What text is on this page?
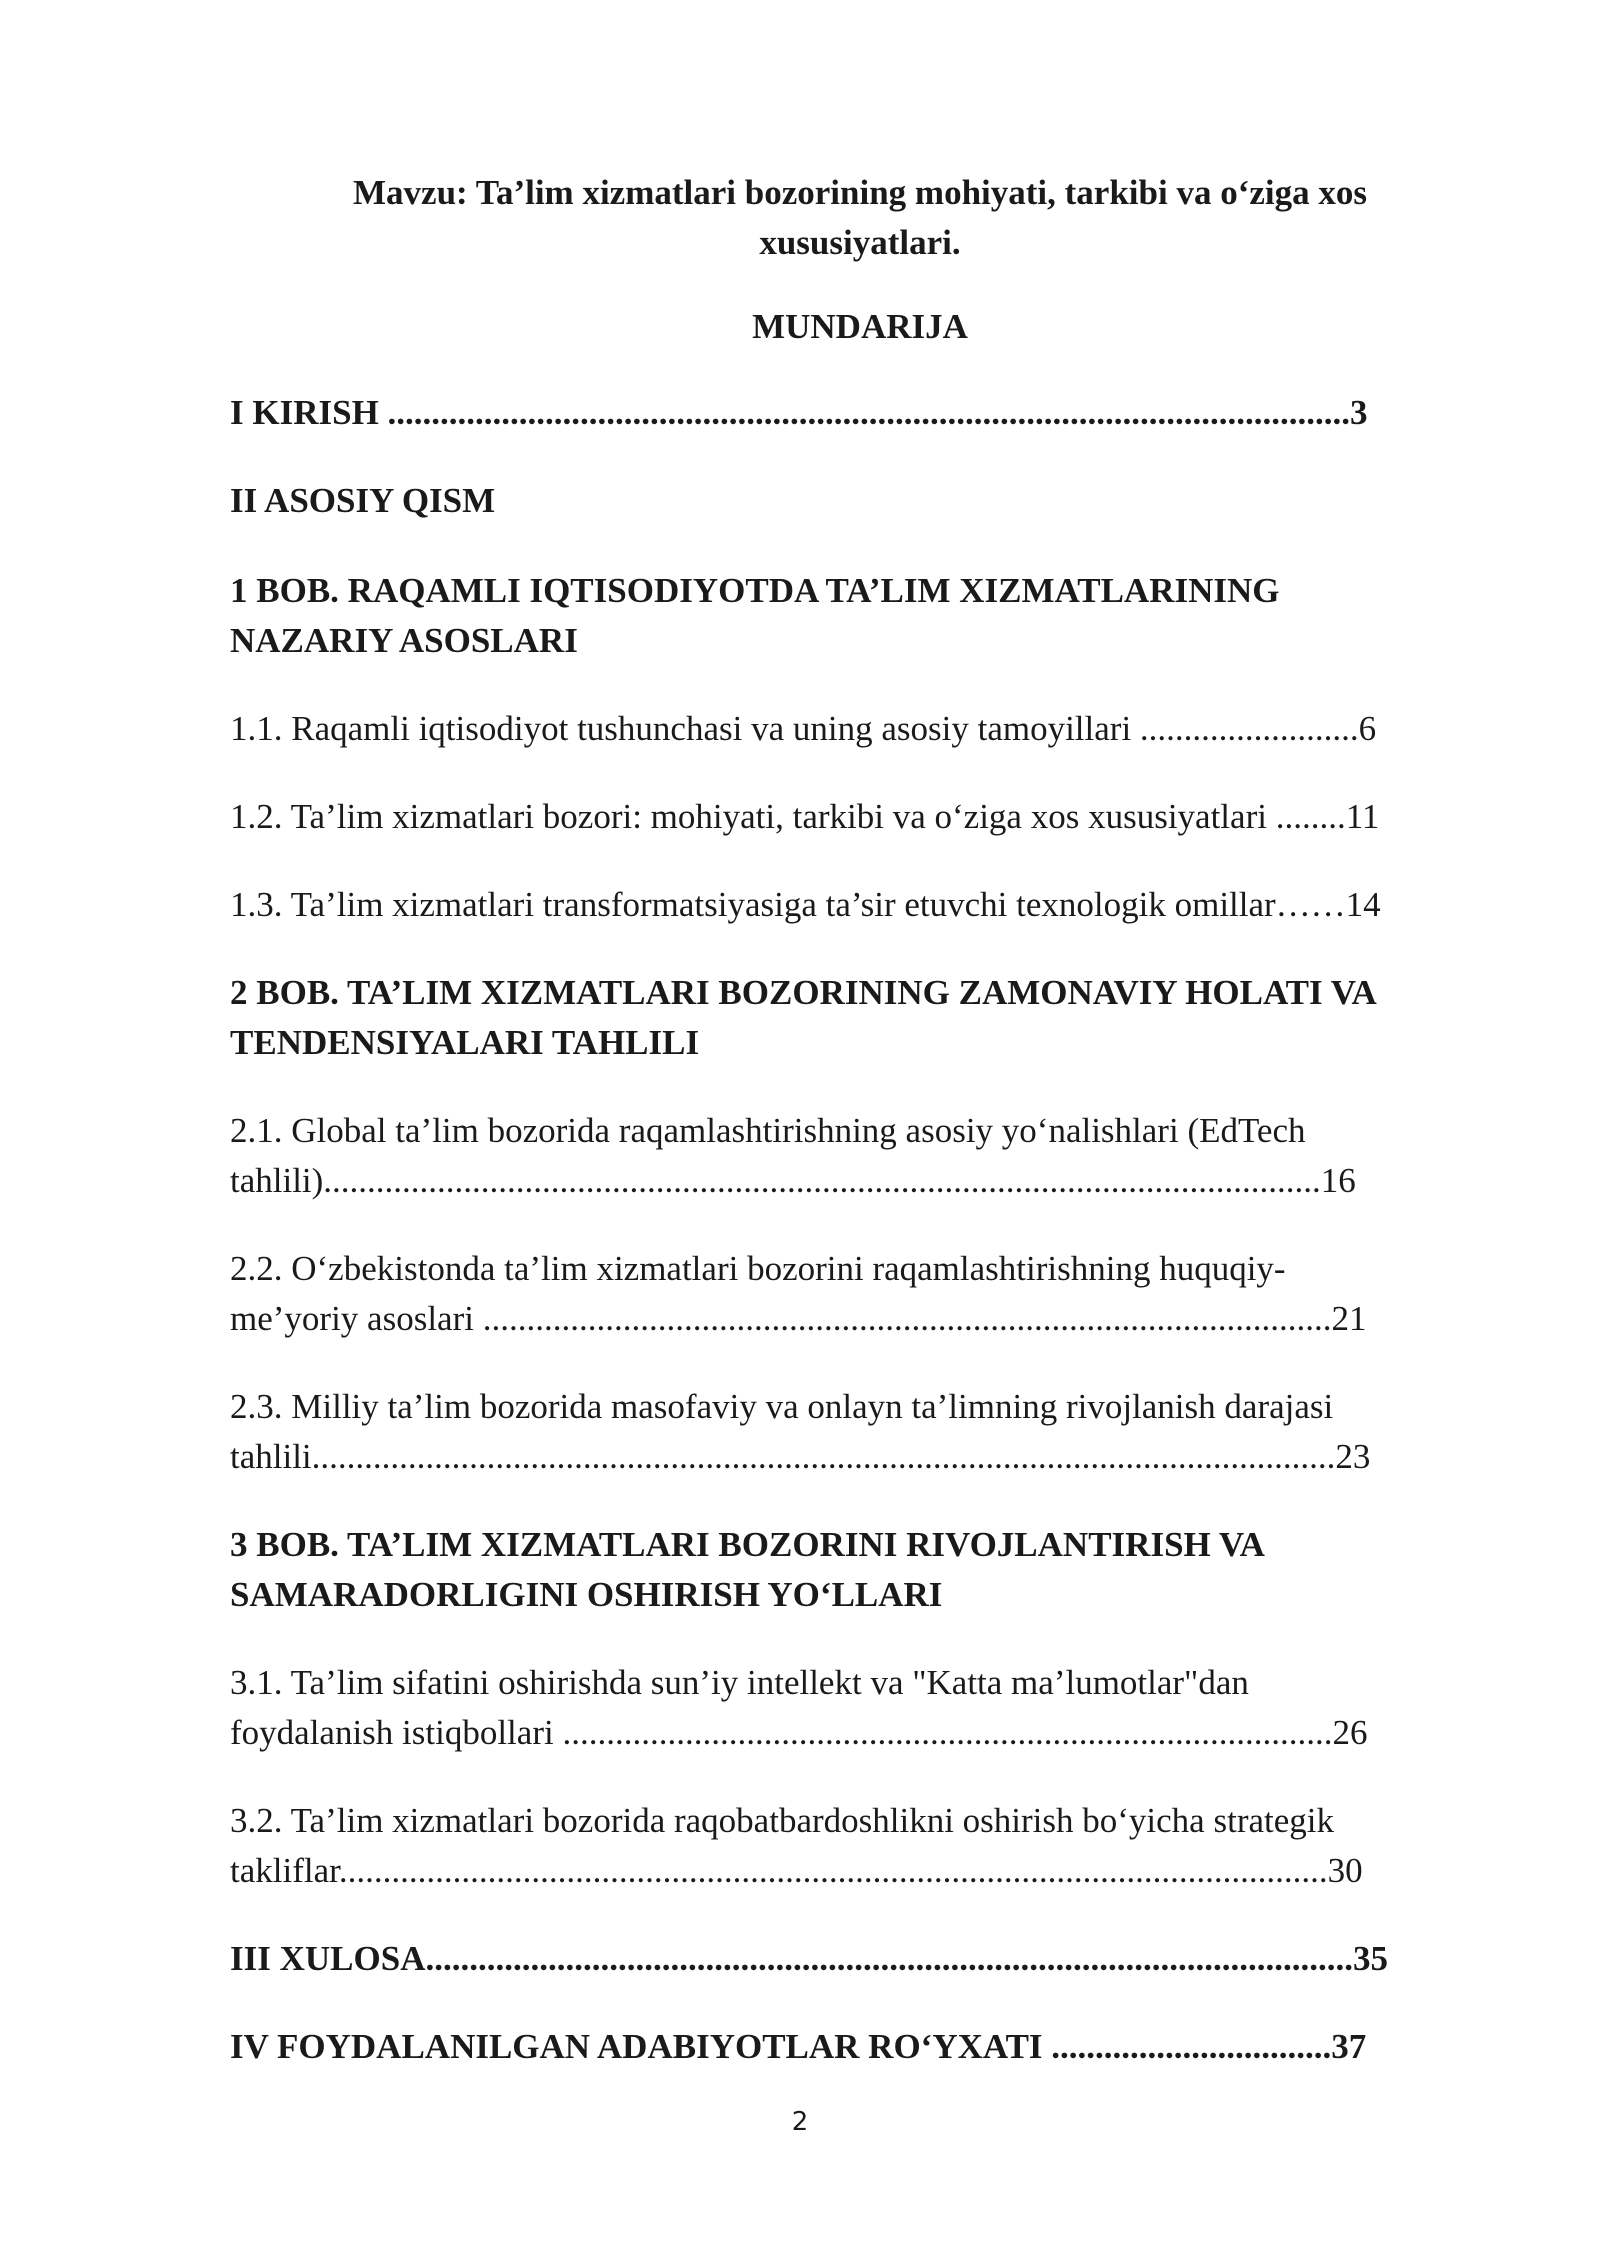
Mavzu: Ta’lim xizmatlari bozorining mohiyati, tarkibi va o‘ziga xos xususiyatlari.
MUNDARIJA

I KIRISH ..............................................................................................................3

II ASOSIY QISM

1 BOB. RAQAMLI IQTISODIYOTDA TA’LIM XIZMATLARINING
NAZARIY ASOSLARI

1.1. Raqamli iqtisodiyot tushunchasi va uning asosiy tamoyillari .........................6

1.2. Ta’lim xizmatlari bozori: mohiyati, tarkibi va o‘ziga xos xususiyatlari ........11

1.3. Ta’lim xizmatlari transformatsiyasiga ta’sir etuvchi texnologik omillar……14

2 BOB. TA’LIM XIZMATLARI BOZORINING ZAMONAVIY HOLATI VA
TENDENSIYALARI TAHLILI

2.1. Global ta’lim bozorida raqamlashtirishning asosiy yo‘nalishlari (EdTech
tahlili)..................................................................................................................16

2.2. O‘zbekistonda ta’lim xizmatlari bozorini raqamlashtirishning huquqiy-
me’yoriy asoslari .................................................................................................21

2.3. Milliy ta’lim bozorida masofaviy va onlayn ta’limning rivojlanish darajasi
tahlili.....................................................................................................................23

3 BOB. TA’LIM XIZMATLARI BOZORINI RIVOJLANTIRISH VA
SAMARADORLIGINI OSHIRISH YO‘LLARI

3.1. Ta’lim sifatini oshirishda sun’iy intellekt va "Katta ma’lumotlar"dan
foydalanish istiqbollari ........................................................................................26

3.2. Ta’lim xizmatlari bozorida raqobatbardoshlikni oshirish bo‘yicha strategik
takliflar.................................................................................................................30

III XULOSA..........................................................................................................35

IV FOYDALANILGAN ADABIYOTLAR RO‘YXATI ................................37

2
